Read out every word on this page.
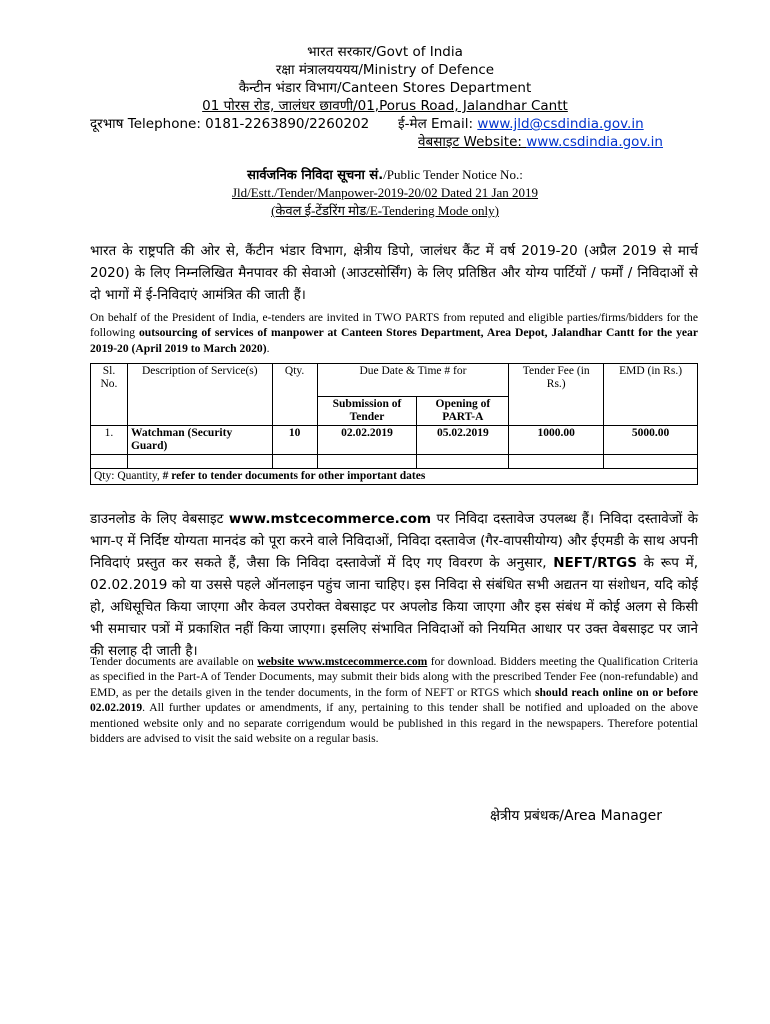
भारत सरकार/Govt of India
रक्षा मंत्रालयययय/Ministry of Defence
कैन्टीन भंडार विभाग/Canteen Stores Department
01 पोरस रोड, जालंधर छावणी/01,Porus Road, Jalandhar Cantt
दूरभाष Telephone: 0181-2263890/2260202 ई-मेल Email: www.jld@csdindia.gov.in
वेबसाइट Website: www.csdindia.gov.in
सार्वजनिक निविदा सूचना सं./Public Tender Notice No.:
Jld/Estt./Tender/Manpower-2019-20/02 Dated 21 Jan 2019
(केवल ई-टेंडरिंग मोड/E-Tendering Mode only)
भारत के राष्ट्रपति की ओर से, कैंटीन भंडार विभाग, क्षेत्रीय डिपो, जालंधर कैंट में वर्ष 2019-20 (अप्रैल 2019 से मार्च 2020) के लिए निम्नलिखित मैनपावर की सेवाओ (आउटसोर्सिंग) के लिए प्रतिष्ठित और योग्य पार्टियों / फर्मों / निविदाओं से दो भागों में ई-निविदाएं आमंत्रित की जाती हैं।
On behalf of the President of India, e-tenders are invited in TWO PARTS from reputed and eligible parties/firms/bidders for the following outsourcing of services of manpower at Canteen Stores Department, Area Depot, Jalandhar Cantt for the year 2019-20 (April 2019 to March 2020).
Sl. No.	Description of Service(s)	Qty.	Due Date & Time # for		Tender Fee (in Rs.)	EMD (in Rs.)
			Submission of Tender	Opening of PART-A		
1.	Watchman (Security Guard)	10	02.02.2019	05.02.2019	1000.00	5000.00

Qty: Quantity, # refer to tender documents for other important dates						
डाउनलोड के लिए वेबसाइट www.mstcecommerce.com पर निविदा दस्तावेज उपलब्ध हैं। निविदा दस्तावेजों के भाग-ए में निर्दिष्ट योग्यता मानदंड को पूरा करने वाले निविदाओं, निविदा दस्तावेज (गैर-वापसीयोग्य) और ईएमडी के साथ अपनी निविदाएं प्रस्तुत कर सकते हैं, जैसा कि निविदा दस्तावेजों में दिए गए विवरण के अनुसार, NEFT/RTGS के रूप में, 02.02.2019 को या उससे पहले ऑनलाइन पहुंच जाना चाहिए। इस निविदा से संबंधित सभी अद्यतन या संशोधन, यदि कोई हो, अधिसूचित किया जाएगा और केवल उपरोक्त वेबसाइट पर अपलोड किया जाएगा और इस संबंध में कोई अलग से किसी भी समाचार पत्रों में प्रकाशित नहीं किया जाएगा। इसलिए संभावित निविदाओं को नियमित आधार पर उक्त वेबसाइट पर जाने की सलाह दी जाती है।
Tender documents are available on website www.mstcecommerce.com for download. Bidders meeting the Qualification Criteria as specified in the Part-A of Tender Documents, may submit their bids along with the prescribed Tender Fee (non-refundable) and EMD, as per the details given in the tender documents, in the form of NEFT or RTGS which should reach online on or before 02.02.2019. All further updates or amendments, if any, pertaining to this tender shall be notified and uploaded on the above mentioned website only and no separate corrigendum would be published in this regard in the newspapers. Therefore potential bidders are advised to visit the said website on a regular basis.
क्षेत्रीय प्रबंधक/Area Manager
